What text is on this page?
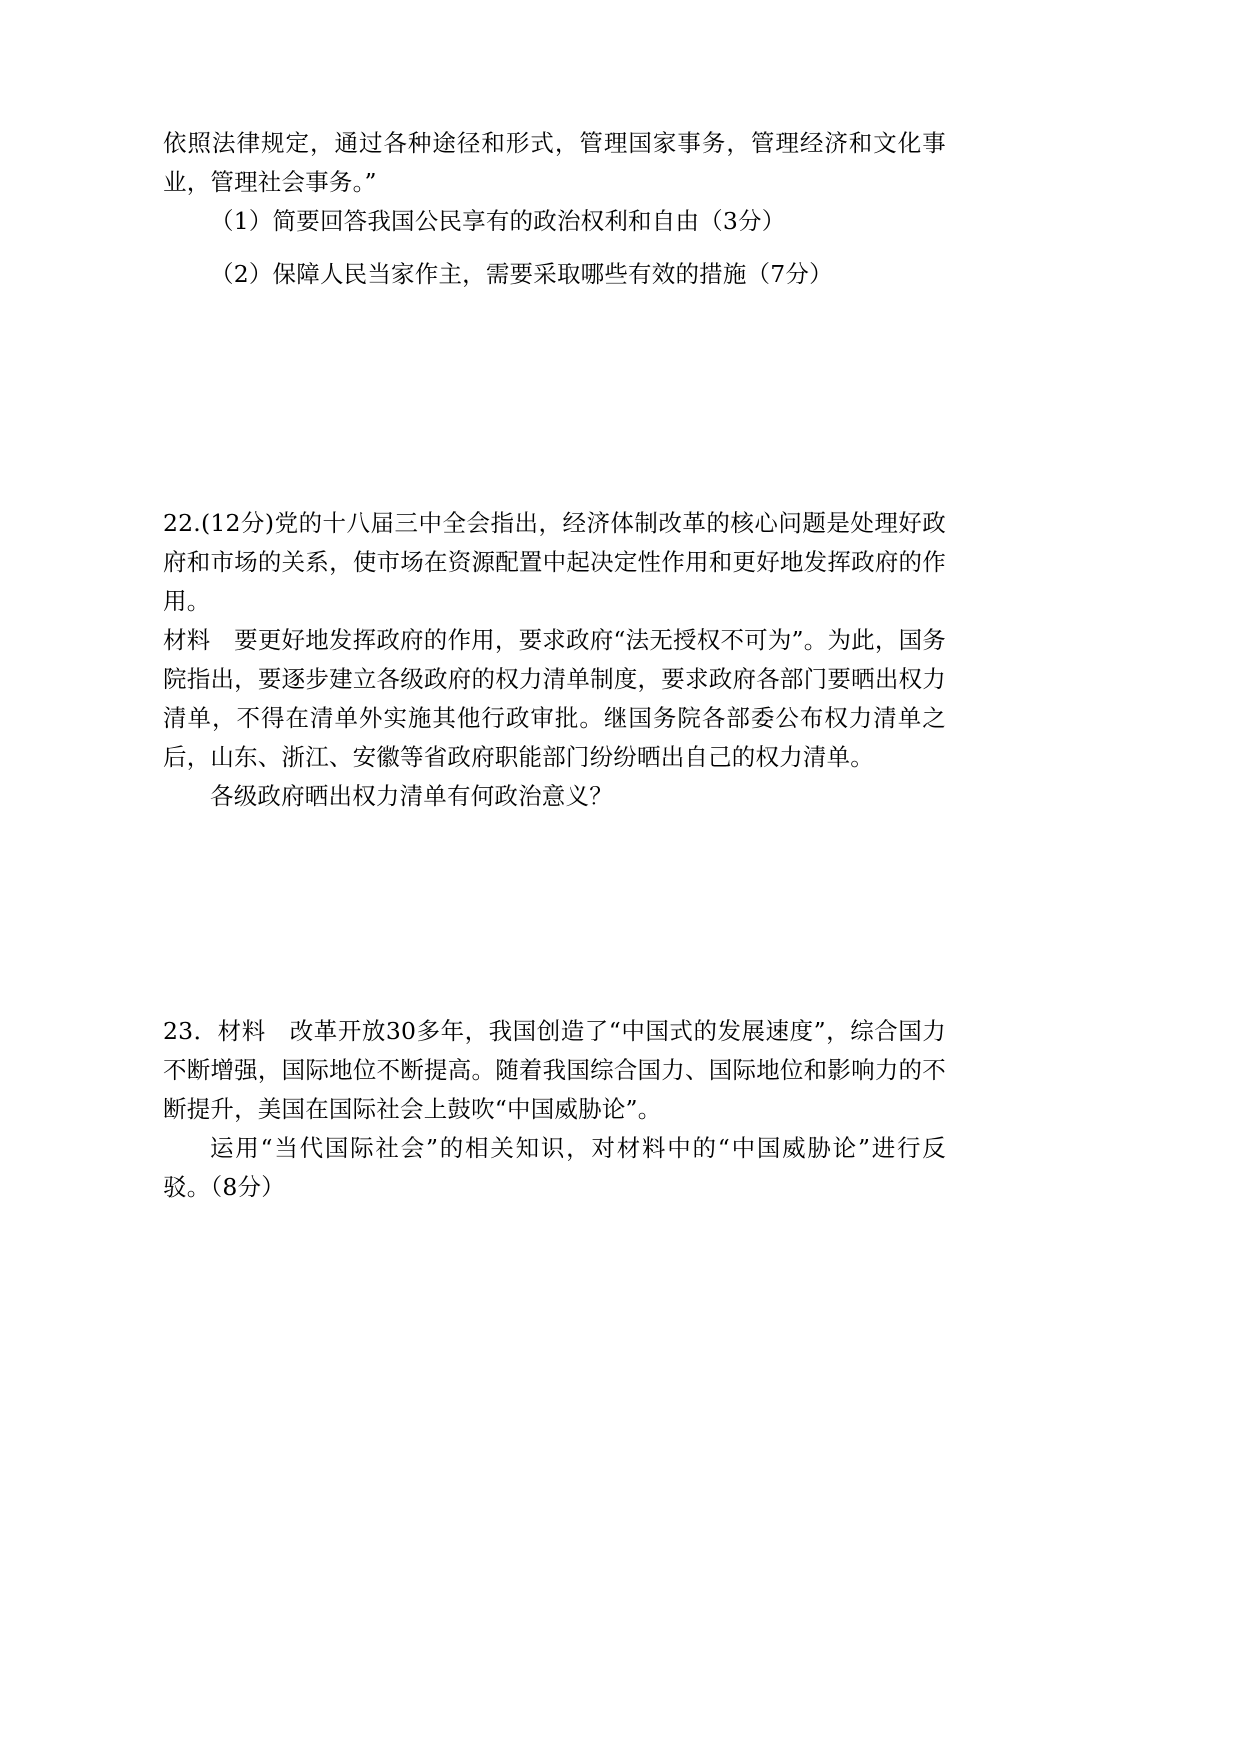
依照法律规定，通过各种途径和形式，管理国家事务，管理经济和文化事业，管理社会事务。”

（1）简要回答我国公民享有的政治权利和自由（3分）

（2）保障人民当家作主，需要采取哪些有效的措施（7分）

22.(12分)党的十八届三中全会指出，经济体制改革的核心问题是处理好政府和市场的关系，使市场在资源配置中起决定性作用和更好地发挥政府的作用。

材料　要更好地发挥政府的作用，要求政府“法无授权不可为”。为此，国务院指出，要逐步建立各级政府的权力清单制度，要求政府各部门要晒出权力清单，不得在清单外实施其他行政审批。继国务院各部委公布权力清单之后，山东、浙江、安徽等省政府职能部门纷纷晒出自己的权力清单。

各级政府晒出权力清单有何政治意义？

23．材料　改革开放30多年，我国创造了“中国式的发展速度”，综合国力不断增强，国际地位不断提高。随着我国综合国力、国际地位和影响力的不断提升，美国在国际社会上鼓吹“中国威胁论”。

运用“当代国际社会”的相关知识，对材料中的“中国威胁论”进行反驳。（8分）
